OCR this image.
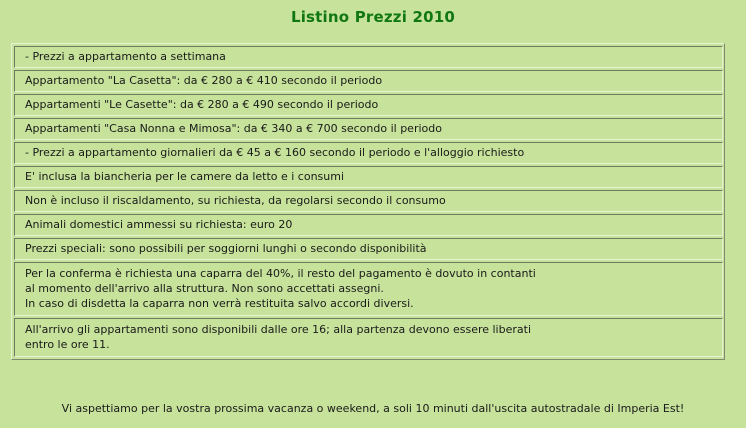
Listino Prezzi 2010
- Prezzi a appartamento a settimana
Appartamento "La Casetta": da € 280 a € 410 secondo il periodo
Appartamenti "Le Casette": da € 280 a € 490 secondo il periodo
Appartamenti "Casa Nonna e Mimosa": da € 340 a € 700 secondo il periodo
- Prezzi a appartamento giornalieri da € 45 a € 160 secondo il periodo e l'alloggio richiesto
E' inclusa la biancheria per le camere da letto e i consumi
Non è incluso il riscaldamento, su richiesta, da regolarsi secondo il consumo
Animali domestici ammessi su richiesta: euro 20
Prezzi speciali: sono possibili per soggiorni lunghi o secondo disponibilità
Per la conferma è richiesta una caparra del 40%, il resto del pagamento è dovuto in contanti
al momento dell'arrivo alla struttura. Non sono accettati assegni.
In caso di disdetta la caparra non verrà restituita salvo accordi diversi.
All'arrivo gli appartamenti sono disponibili dalle ore 16; alla partenza devono essere liberati
entro le ore 11.
Vi aspettiamo per la vostra prossima vacanza o weekend, a soli 10 minuti dall'uscita autostradale di Imperia Est!
